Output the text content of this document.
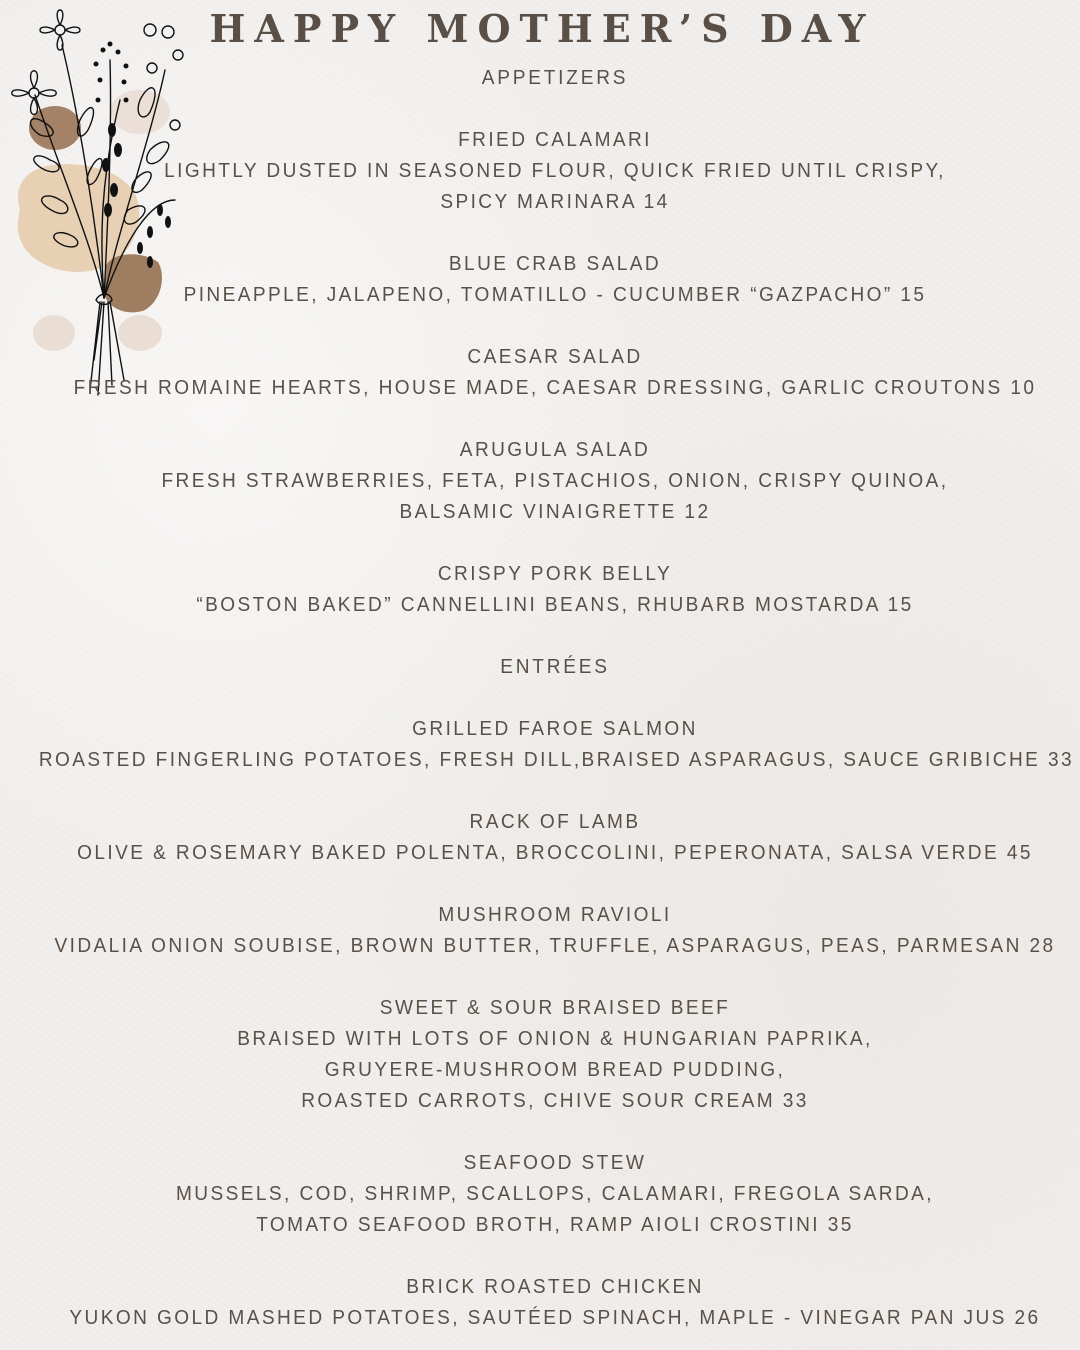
HAPPY MOTHER’S DAY
APPETIZERS
FRIED CALAMARI
LIGHTLY DUSTED IN SEASONED FLOUR, QUICK FRIED UNTIL CRISPY,
SPICY MARINARA 14
BLUE CRAB SALAD
PINEAPPLE, JALAPENO, TOMATILLO - CUCUMBER “GAZPACHO” 15
CAESAR SALAD
FRESH ROMAINE HEARTS, HOUSE MADE, CAESAR DRESSING, GARLIC CROUTONS 10
ARUGULA SALAD
FRESH STRAWBERRIES, FETA, PISTACHIOS, ONION, CRISPY QUINOA,
BALSAMIC VINAIGRETTE 12
CRISPY PORK BELLY
“BOSTON BAKED” CANNELLINI BEANS, RHUBARB MOSTARDA 15
ENTRÉES
GRILLED FAROE SALMON
ROASTED FINGERLING POTATOES, FRESH DILL,BRAISED ASPARAGUS, SAUCE GRIBICHE 33
RACK OF LAMB
OLIVE & ROSEMARY BAKED POLENTA, BROCCOLINI, PEPERONATA, SALSA VERDE 45
MUSHROOM RAVIOLI
VIDALIA ONION SOUBISE, BROWN BUTTER, TRUFFLE, ASPARAGUS, PEAS, PARMESAN 28
SWEET & SOUR BRAISED BEEF
BRAISED WITH LOTS OF ONION & HUNGARIAN PAPRIKA,
GRUYERE-MUSHROOM BREAD PUDDING,
ROASTED CARROTS, CHIVE SOUR CREAM 33
SEAFOOD STEW
MUSSELS, COD, SHRIMP, SCALLOPS, CALAMARI, FREGOLA SARDA,
TOMATO SEAFOOD BROTH, RAMP AIOLI CROSTINI 35
BRICK ROASTED CHICKEN
YUKON GOLD MASHED POTATOES, SAUTÉED SPINACH, MAPLE - VINEGAR PAN JUS 26
